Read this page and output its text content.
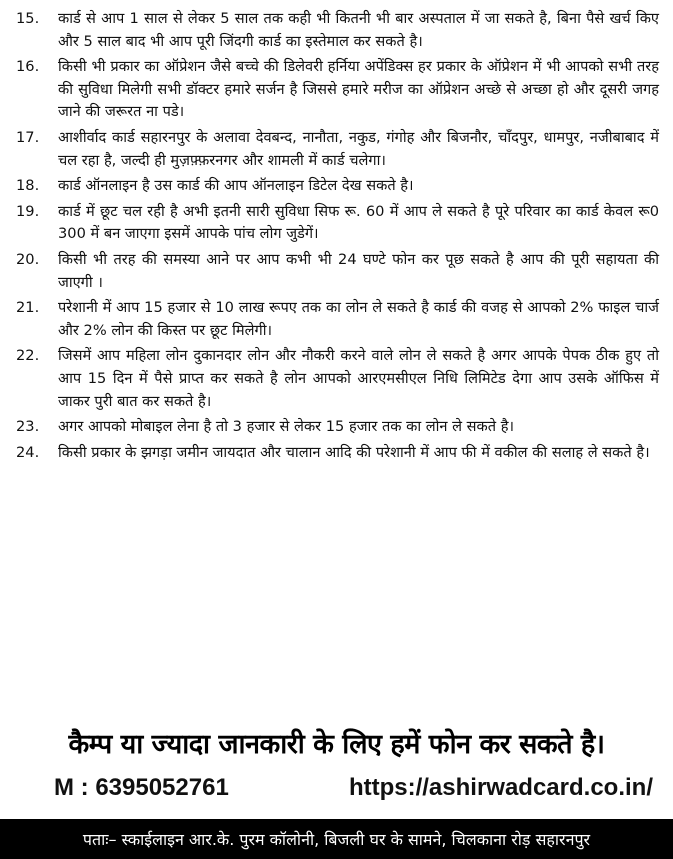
15.	कार्ड से आप 1 साल से लेकर 5 साल तक कही भी कितनी भी बार अस्पताल में जा सकते है, बिना पैसे खर्च किए और 5 साल बाद भी आप पूरी जिंदगी कार्ड का इस्तेमाल कर सकते है।
16.	किसी भी प्रकार का ऑप्रेशन जैसे बच्चे की डिलेवरी हर्निया अपेंडिक्स हर प्रकार के ऑप्रेशन में भी आपको सभी तरह की सुविधा मिलेगी सभी डॉक्टर हमारे सर्जन है जिससे हमारे मरीज का ऑप्रेशन अच्छे से अच्छा हो और दूसरी जगह जाने की जरूरत ना पडे।
17.	आशीर्वाद कार्ड सहारनपुर के अलावा देवबन्द, नानौता, नकुड, गंगोह और बिजनौर, चाँदपुर, धामपुर, नजीबाबाद में चल रहा है, जल्दी ही मुज़फ़्फ़रनगर और शामली में कार्ड चलेगा।
18.	कार्ड ऑनलाइन है उस कार्ड की आप ऑनलाइन डिटेल देख सकते है।
19.	कार्ड में छूट चल रही है अभी इतनी सारी सुविधा सिफ रू. 60 में आप ले सकते है पूरे परिवार का कार्ड केवल रू0 300 में बन जाएगा इसमें आपके पांच लोग जुडेगें।
20.	किसी भी तरह की समस्या आने पर आप कभी भी 24 घण्टे फोन कर पूछ सकते है आप की पूरी सहायता की जाएगी ।
21.	परेशानी में आप 15 हजार से 10 लाख रूपए तक का लोन ले सकते है कार्ड की वजह से आपको 2% फाइल चार्ज और 2% लोन की किस्त पर छूट मिलेगी।
22.	जिसमें आप महिला लोन दुकानदार लोन और नौकरी करने वाले लोन ले सकते है अगर आपके पेपक ठीक हुए तो आप 15 दिन में पैसे प्राप्त कर सकते है लोन आपको आरएमसीएल निधि लिमिटेड देगा आप उसके ऑफिस में जाकर पुरी बात कर सकते है।
23.	अगर आपको मोबाइल लेना है तो 3 हजार से लेकर 15 हजार तक का लोन ले सकते है।
24.	किसी प्रकार के झगड़ा जमीन जायदात और चालान आदि की परेशानी में आप फी में वकील की सलाह ले सकते है।
कैम्प या ज्यादा जानकारी के लिए हमें फोन कर सकते है।
M : 6395052761	https://ashirwadcard.co.in/
पताः– स्काईलाइन आर.के. पुरम कॉलोनी, बिजली घर के सामने, चिलकाना रोड़ सहारनपुर
